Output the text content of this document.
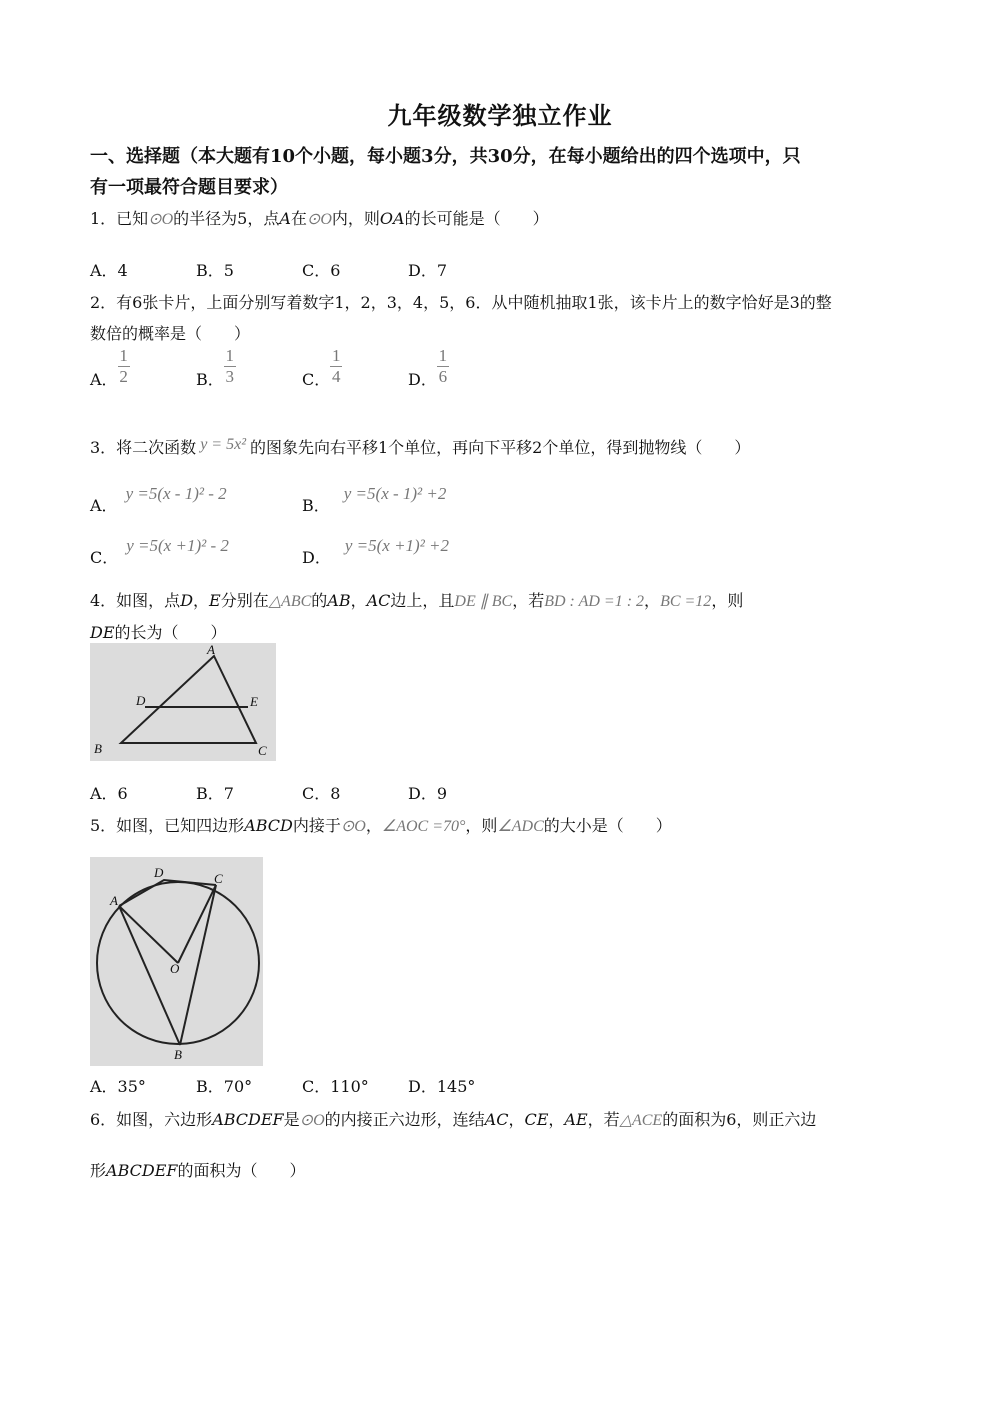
九年级数学独立作业
一、选择题（本大题有10个小题，每小题3分，共30分，在每小题给出的四个选项中，只
有一项最符合题目要求）
1．已知⊙O的半径为5，点A在⊙O内，则OA的长可能是（　　）
A．4	B．5	C．6	D．7
2．有6张卡片，上面分别写着数字1，2，3，4，5，6．从中随机抽取1张，该卡片上的数字恰好是3的整
数倍的概率是（　　）
A． $\frac{1}{2}$	B． $\frac{1}{3}$	C． $\frac{1}{4}$	D． $\frac{1}{6}$
3．将二次函数 y = 5x² 的图象先向右平移1个单位，再向下平移2个单位，得到抛物线（　　）
A．y =5(x - 1)² - 2
B．y =5(x - 1)² +2
C．y =5(x +1)² - 2
D．y =5(x +1)² +2
4．如图，点D，E分别在△ABC的AB，AC边上，且DE ∥ BC，若BD : AD =1 : 2，BC =12，则
DE的长为（　　）
A
D	E
B	C
A．6	B．7	C．8	D．9
5．如图，已知四边形ABCD内接于⊙O，∠AOC =70°，则∠ADC的大小是（　　）
D	C
A
O
B
A．35°	B．70°	C．110° D．145°
6．如图，六边形ABCDEF是⊙O的内接正六边形，连结AC，CE，AE，若△ACE的面积为6，则正六边
形ABCDEF的面积为（　　）
